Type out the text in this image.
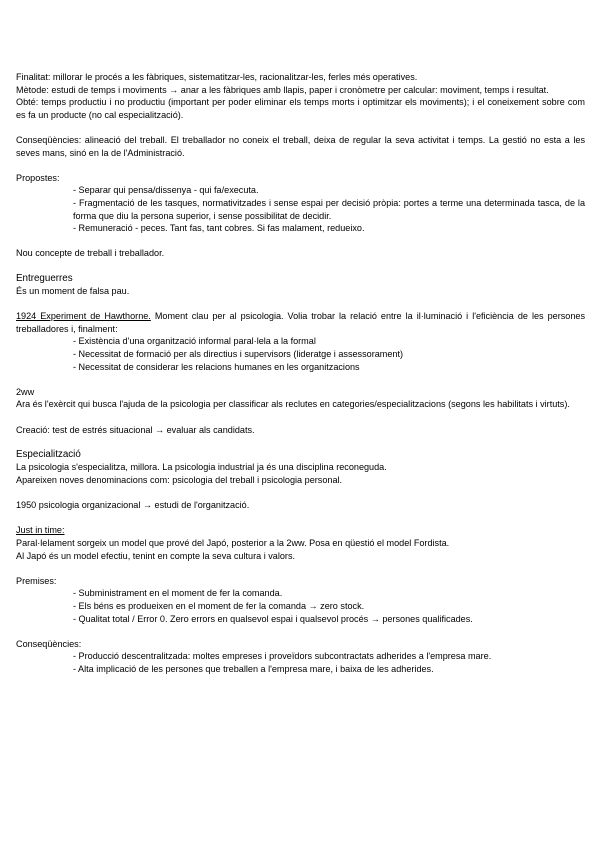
Finalitat: millorar le procés a les fàbriques, sistematitzar-les, racionalitzar-les, ferles més operatives.

Mètode: estudi de temps i moviments → anar a les fàbriques amb llapis, paper i cronòmetre per calcular: moviment, temps i resultat.

Obté: temps productiu i no productiu (important per poder eliminar els temps morts i optimitzar els moviments); i el coneixement sobre com es fa un producte (no cal especialització).

Conseqüències: alineació del treball. El treballador no coneix el treball, deixa de regular la seva activitat i temps. La gestió no esta a les seves mans, sinó en la de l'Administració.

Propostes:

- Separar qui pensa/dissenya - qui fa/executa.
- Fragmentació de les tasques, normativitzades i sense espai per decisió pròpia: portes a terme una determinada tasca, de la forma que diu la persona superior, i sense possibilitat de decidir.
- Remuneració - peces. Tant fas, tant cobres. Si fas malament, redueixo.

Nou concepte de treball i treballador.

Entreguerres

És un moment de falsa pau.

1924 Experiment de Hawthorne. Moment clau per al psicologia. Volia trobar la relació entre la il·luminació i l'eficiència de les persones treballadores i, finalment:

- Existència d'una organització informal paral·lela a la formal
- Necessitat de formació per als directius i supervisors (lideratge i assessorament)
- Necessitat de considerar les relacions humanes en les organitzacions

2ww

Ara és l'exèrcit qui busca l'ajuda de la psicologia per classificar als reclutes en categories/especialitzacions (segons les habilitats i virtuts).

Creació: test de estrés situacional → evaluar als candidats.

Especialització

La psicologia s'especialitza, millora. La psicologia industrial ja és una disciplina reconeguda.

Apareixen noves denominacions com: psicologia del treball i psicologia personal.

1950 psicologia organizacional → estudi de l'organització.

Just in time:

Paral·lelament sorgeix un model que prové del Japó, posterior a la 2ww. Posa en qüestió el model Fordista.

Al Japó és un model efectiu, tenint en compte la seva cultura i valors.

Premises:

- Subministrament en el moment de fer la comanda.
- Els béns es produeixen en el moment de fer la comanda → zero stock.
- Qualitat total / Error 0. Zero errors en qualsevol espai i qualsevol procés → persones qualificades.

Conseqüències:

- Producció descentralitzada: moltes empreses i proveïdors subcontractats adherides a l'empresa mare.
- Alta implicació de les persones que treballen a l'empresa mare, i baixa de les adherides.
